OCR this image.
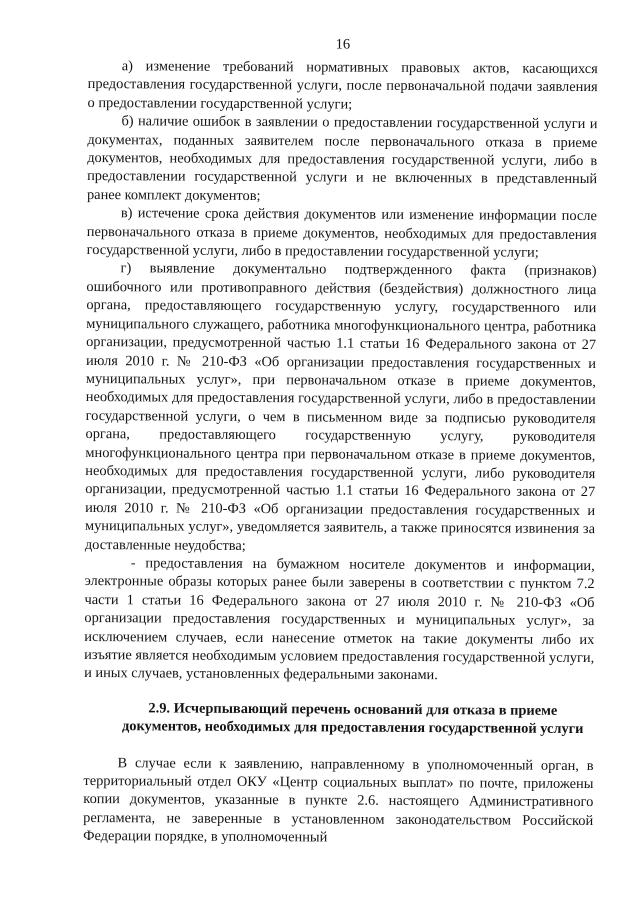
16

а) изменение требований нормативных правовых актов, касающихся предоставления государственной услуги, после первоначальной подачи заявления о предоставлении государственной услуги;

б) наличие ошибок в заявлении о предоставлении государственной услуги и документах, поданных заявителем после первоначального отказа в приеме документов, необходимых для предоставления государственной услуги, либо в предоставлении государственной услуги и не включенных в представленный ранее комплект документов;

в) истечение срока действия документов или изменение информации после первоначального отказа в приеме документов, необходимых для предоставления государственной услуги, либо в предоставлении государственной услуги;

г) выявление документально подтвержденного факта (признаков) ошибочного или противоправного действия (бездействия) должностного лица органа, предоставляющего государственную услугу, государственного или муниципального служащего, работника многофункционального центра, работника организации, предусмотренной частью 1.1 статьи 16 Федерального закона от 27 июля 2010 г. № 210-ФЗ «Об организации предоставления государственных и муниципальных услуг», при первоначальном отказе в приеме документов, необходимых для предоставления государственной услуги, либо в предоставлении государственной услуги, о чем в письменном виде за подписью руководителя органа, предоставляющего государственную услугу, руководителя многофункционального центра при первоначальном отказе в приеме документов, необходимых для предоставления государственной услуги, либо руководителя организации, предусмотренной частью 1.1 статьи 16 Федерального закона от 27 июля 2010 г. № 210-ФЗ «Об организации предоставления государственных и муниципальных услуг», уведомляется заявитель, а также приносятся извинения за доставленные неудобства;

- предоставления на бумажном носителе документов и информации, электронные образы которых ранее были заверены в соответствии с пунктом 7.2 части 1 статьи 16 Федерального закона от 27 июля 2010 г. № 210-ФЗ «Об организации предоставления государственных и муниципальных услуг», за исключением случаев, если нанесение отметок на такие документы либо их изъятие является необходимым условием предоставления государственной услуги, и иных случаев, установленных федеральными законами.

2.9. Исчерпывающий перечень оснований для отказа в приеме документов, необходимых для предоставления государственной услуги

В случае если к заявлению, направленному в уполномоченный орган, в территориальный отдел ОКУ «Центр социальных выплат» по почте, приложены копии документов, указанные в пункте 2.6. настоящего Административного регламента, не заверенные в установленном законодательством Российской Федерации порядке, в уполномоченный
